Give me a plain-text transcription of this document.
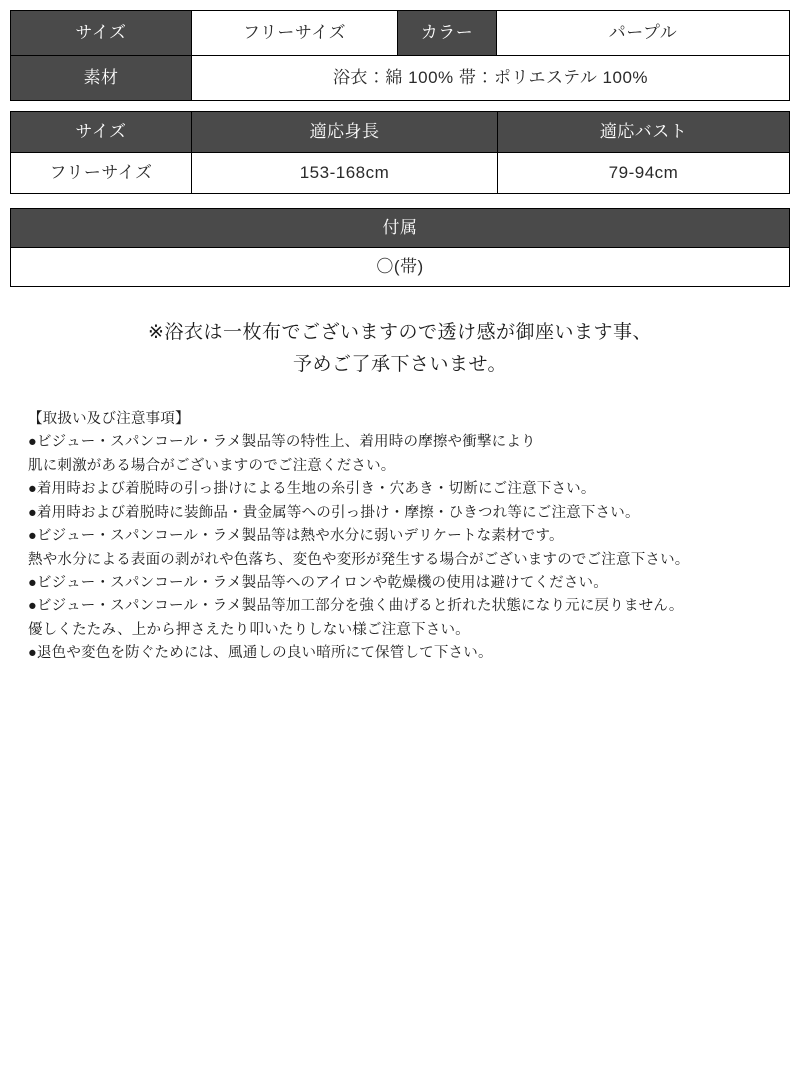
サイズ	フリーサイズ	カラー	パープル
素材	浴衣：綿 100% 帯：ポリエステル 100%		
サイズ	適応身長	適応バスト
フリーサイズ	153-168cm	79-94cm
付属
〇(帯)
※浴衣は一枚布でございますので透け感が御座います事、
予めご了承下さいませ。
【取扱い及び注意事項】
●ビジュー・スパンコール・ラメ製品等の特性上、着用時の摩擦や衝撃により
肌に刺激がある場合がございますのでご注意ください。
●着用時および着脱時の引っ掛けによる生地の糸引き・穴あき・切断にご注意下さい。
●着用時および着脱時に装飾品・貴金属等への引っ掛け・摩擦・ひきつれ等にご注意下さい。
●ビジュー・スパンコール・ラメ製品等は熱や水分に弱いデリケートな素材です。
熱や水分による表面の剥がれや色落ち、変色や変形が発生する場合がございますのでご注意下さい。
●ビジュー・スパンコール・ラメ製品等へのアイロンや乾燥機の使用は避けてください。
●ビジュー・スパンコール・ラメ製品等加工部分を強く曲げると折れた状態になり元に戻りません。
優しくたたみ、上から押さえたり叩いたりしない様ご注意下さい。
●退色や変色を防ぐためには、風通しの良い暗所にて保管して下さい。
